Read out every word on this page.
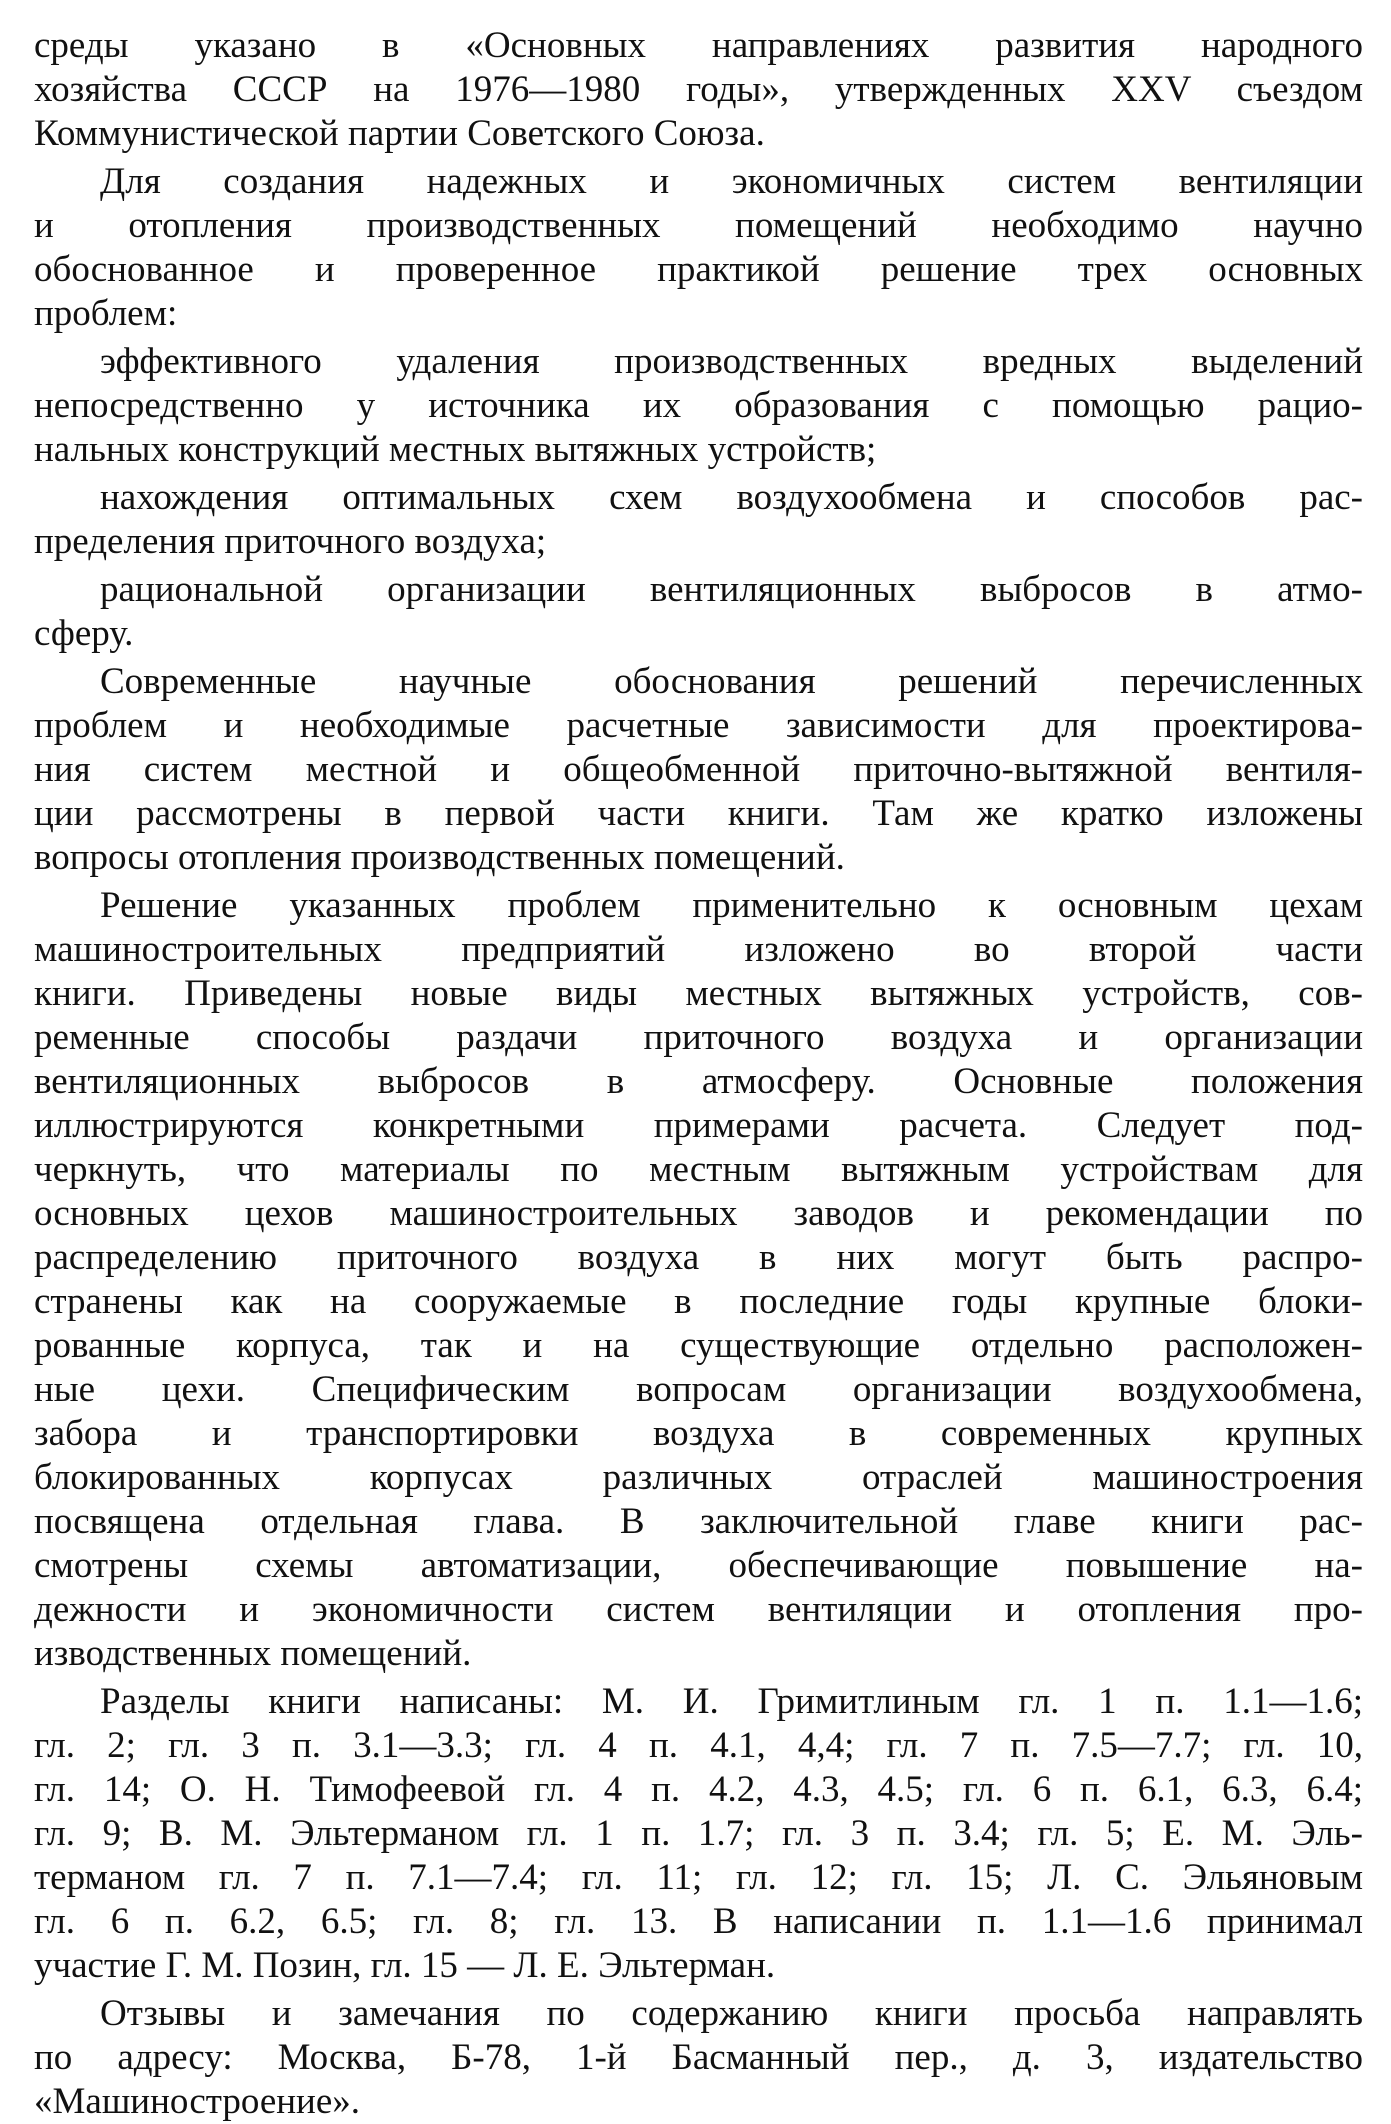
среды указано в «Основных направлениях развития народного
хозяйства СССР на 1976—1980 годы», утвержденных XXV съездом
Коммунистической партии Советского Союза.
Для создания надежных и экономичных систем вентиляции
и отопления производственных помещений необходимо научно
обоснованное и проверенное практикой решение трех основных
проблем:
эффективного удаления производственных вредных выделений
непосредственно у источника их образования с помощью рацио-
нальных конструкций местных вытяжных устройств;
нахождения оптимальных схем воздухообмена и способов рас-
пределения приточного воздуха;
рациональной организации вентиляционных выбросов в атмо-
сферу.
Современные научные обоснования решений перечисленных
проблем и необходимые расчетные зависимости для проектирова-
ния систем местной и общеобменной приточно-вытяжной вентиля-
ции рассмотрены в первой части книги. Там же кратко изложены
вопросы отопления производственных помещений.
Решение указанных проблем применительно к основным цехам
машиностроительных предприятий изложено во второй части
книги. Приведены новые виды местных вытяжных устройств, сов-
ременные способы раздачи приточного воздуха и организации
вентиляционных выбросов в атмосферу. Основные положения
иллюстрируются конкретными примерами расчета. Следует под-
черкнуть, что материалы по местным вытяжным устройствам для
основных цехов машиностроительных заводов и рекомендации по
распределению приточного воздуха в них могут быть распро-
странены как на сооружаемые в последние годы крупные блоки-
рованные корпуса, так и на существующие отдельно расположен-
ные цехи. Специфическим вопросам организации воздухообмена,
забора и транспортировки воздуха в современных крупных
блокированных корпусах различных отраслей машиностроения
посвящена отдельная глава. В заключительной главе книги рас-
смотрены схемы автоматизации, обеспечивающие повышение на-
дежности и экономичности систем вентиляции и отопления про-
изводственных помещений.
Разделы книги написаны: М. И. Гримитлиным гл. 1 п. 1.1—1.6;
гл. 2; гл. 3 п. 3.1—3.3; гл. 4 п. 4.1, 4,4; гл. 7 п. 7.5—7.7; гл. 10,
гл. 14; О. Н. Тимофеевой гл. 4 п. 4.2, 4.3, 4.5; гл. 6 п. 6.1, 6.3, 6.4;
гл. 9; В. М. Эльтерманом гл. 1 п. 1.7; гл. 3 п. 3.4; гл. 5; Е. М. Эль-
терманом гл. 7 п. 7.1—7.4; гл. 11; гл. 12; гл. 15; Л. С. Эльяновым
гл. 6 п. 6.2, 6.5; гл. 8; гл. 13. В написании п. 1.1—1.6 принимал
участие Г. М. Позин, гл. 15 — Л. Е. Эльтерман.
Отзывы и замечания по содержанию книги просьба направлять
по адресу: Москва, Б-78, 1-й Басманный пер., д. 3, издательство
«Машиностроение».
